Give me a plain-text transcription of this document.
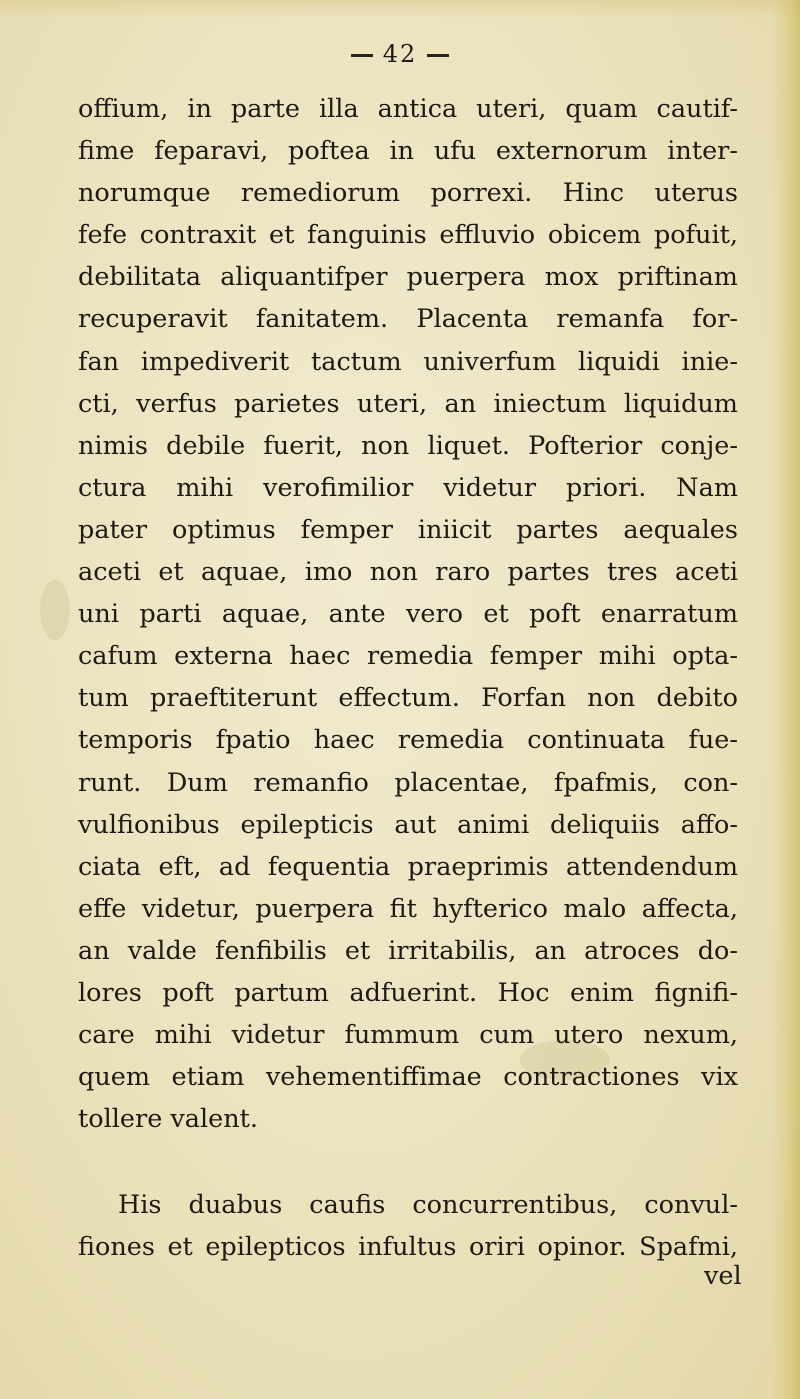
42
offium, in parte illa antica uteri, quam cautif-
fime feparavi, poftea in ufu externorum inter-
norumque remediorum porrexi. Hinc uterus
fefe contraxit et fanguinis effluvio obicem pofuit,
debilitata aliquantifper puerpera mox priftinam
recuperavit fanitatem. Placenta remanfa for-
fan impediverit tactum univerfum liquidi inie-
cti, verfus parietes uteri, an iniectum liquidum
nimis debile fuerit, non liquet. Pofterior conje-
ctura mihi verofimilior videtur priori. Nam
pater optimus femper iniicit partes aequales
aceti et aquae, imo non raro partes tres aceti
uni parti aquae, ante vero et poft enarratum
cafum externa haec remedia femper mihi opta-
tum praeftiterunt effectum. Forfan non debito
temporis fpatio haec remedia continuata fue-
runt. Dum remanfio placentae, fpafmis, con-
vulfionibus epilepticis aut animi deliquiis affo-
ciata eft, ad fequentia praeprimis attendendum
effe videtur, puerpera fit hyfterico malo affecta,
an valde fenfibilis et irritabilis, an atroces do-
lores poft partum adfuerint. Hoc enim fignifi-
care mihi videtur fummum cum utero nexum,
quem etiam vehementiffimae contractiones vix
tollere valent.
His duabus caufis concurrentibus, convul-
fiones et epilepticos infultus oriri opinor. Spafmi,
vel
